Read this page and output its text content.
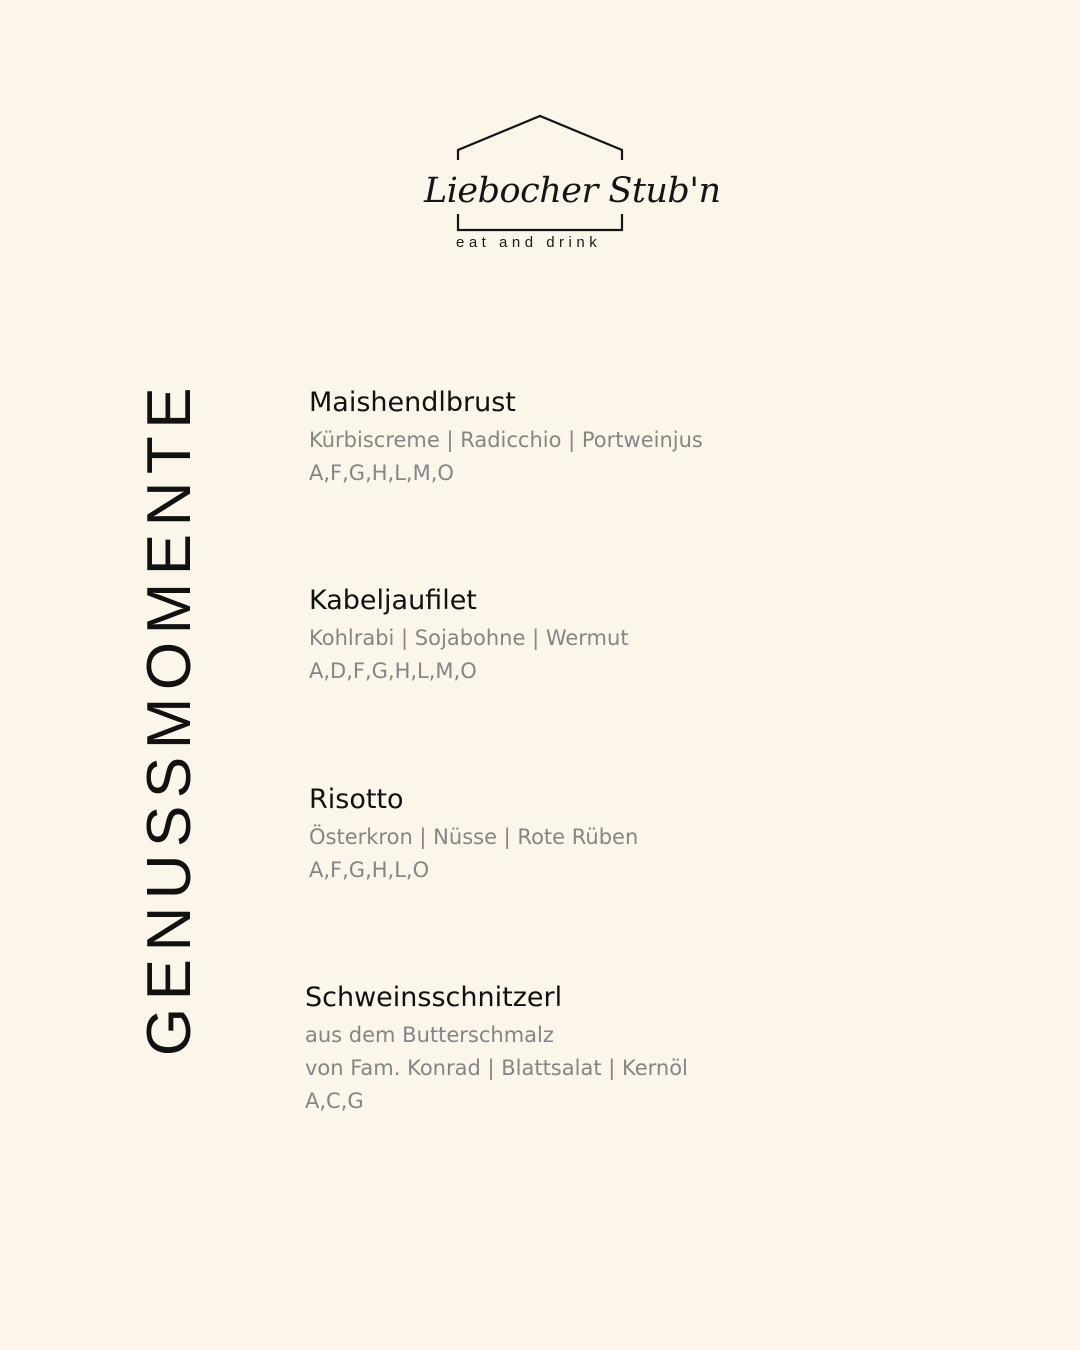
Liebocher Stub'n
eat and drink
GENUSSMOMENTE	Maishendlbrust
Kürbiscreme | Radicchio | Portweinjus
A,F,G,H,L,M,O
Kabeljaufilet
Kohlrabi | Sojabohne | Wermut
A,D,F,G,H,L,M,O
Risotto
Österkron | Nüsse | Rote Rüben
A,F,G,H,L,O
Schweinsschnitzerl
aus dem Butterschmalz
von Fam. Konrad | Blattsalat | Kernöl
A,C,G
